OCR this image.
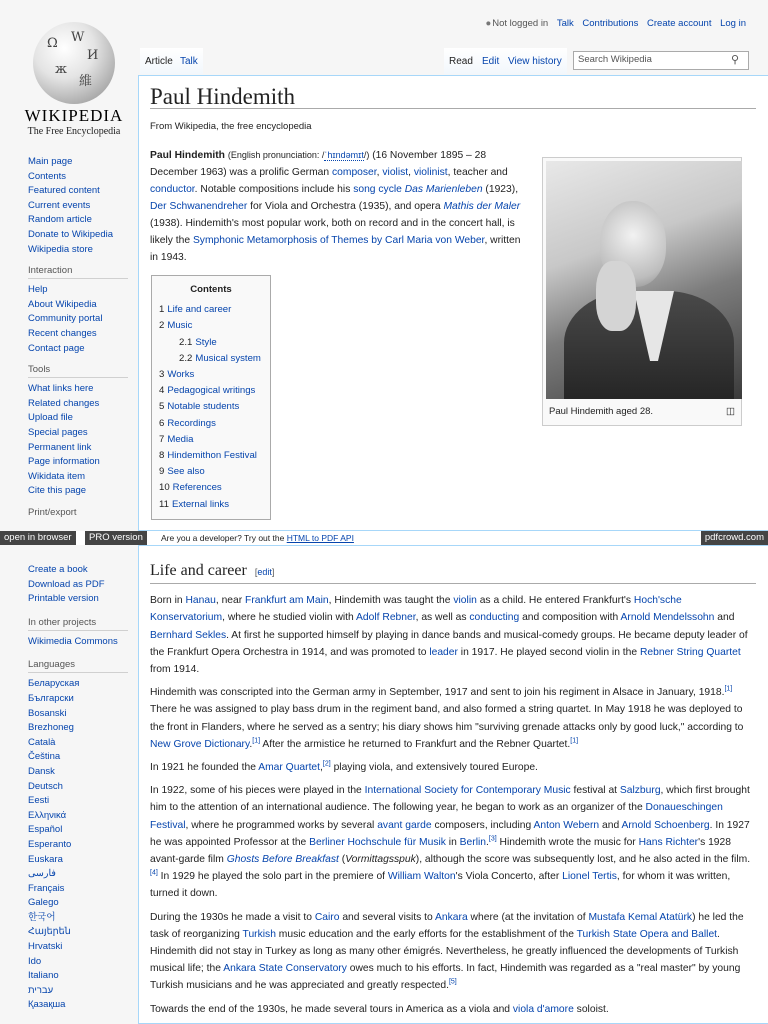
Ω W
И
ж
維
WIKIPEDIA
The Free Encyclopedia
●Not logged in Talk Contributions Create account Log in
Article Talk	Read Edit View history	Search Wikipedia	⚲
Main page
Contents
Featured content
Current events
Random article
Donate to Wikipedia
Wikipedia store
Interaction
Help
About Wikipedia
Community portal
Recent changes
Contact page
Tools
What links here
Related changes
Upload file
Special pages
Permanent link
Page information
Wikidata item
Cite this page
Print/export
Paul Hindemith
From Wikipedia, the free encyclopedia
Paul Hindemith aged 28.	◫
Paul Hindemith (English pronunciation: /ˈhɪndəmɪt/) (16 November 1895 – 28 December 1963) was a prolific German composer, violist, violinist, teacher and conductor. Notable compositions include his song cycle Das Marienleben (1923), Der Schwanendreher for Viola and Orchestra (1935), and opera Mathis der Maler (1938). Hindemith's most popular work, both on record and in the concert hall, is likely the Symphonic Metamorphosis of Themes by Carl Maria von Weber, written in 1943.
Contents
1 Life and career
2 Music
2.1 Style
2.2 Musical system
3 Works
4 Pedagogical writings
5 Notable students
6 Recordings
7 Media
8 Hindemithon Festival
9 See also
10 References
11 External links
open in browser	PRO version	Are you a developer? Try out the HTML to PDF API	pdfcrowd.com
Create a book
Download as PDF
Printable version
In other projects
Wikimedia Commons
Languages
Беларуская
Български
Bosanski
Brezhoneg
Català
Čeština
Dansk
Deutsch
Eesti
Ελληνικά
Español
Esperanto
Euskara
فارسی
Français
Galego
한국어
Հայերեն
Hrvatski
Ido
Italiano
עברית
Қазақша
Life and career [edit]

Born in Hanau, near Frankfurt am Main, Hindemith was taught the violin as a child. He entered Frankfurt's Hoch'sche Konservatorium, where he studied violin with Adolf Rebner, as well as conducting and composition with Arnold Mendelssohn and Bernhard Sekles. At first he supported himself by playing in dance bands and musical-comedy groups. He became deputy leader of the Frankfurt Opera Orchestra in 1914, and was promoted to leader in 1917. He played second violin in the Rebner String Quartet from 1914.

Hindemith was conscripted into the German army in September, 1917 and sent to join his regiment in Alsace in January, 1918.[1] There he was assigned to play bass drum in the regiment band, and also formed a string quartet. In May 1918 he was deployed to the front in Flanders, where he served as a sentry; his diary shows him "surviving grenade attacks only by good luck," according to New Grove Dictionary.[1] After the armistice he returned to Frankfurt and the Rebner Quartet.[1]

In 1921 he founded the Amar Quartet,[2] playing viola, and extensively toured Europe.

In 1922, some of his pieces were played in the International Society for Contemporary Music festival at Salzburg, which first brought him to the attention of an international audience. The following year, he began to work as an organizer of the Donaueschingen Festival, where he programmed works by several avant garde composers, including Anton Webern and Arnold Schoenberg. In 1927 he was appointed Professor at the Berliner Hochschule für Musik in Berlin.[3] Hindemith wrote the music for Hans Richter's 1928 avant-garde film Ghosts Before Breakfast (Vormittagsspuk), although the score was subsequently lost, and he also acted in the film.[4] In 1929 he played the solo part in the premiere of William Walton's Viola Concerto, after Lionel Tertis, for whom it was written, turned it down.

During the 1930s he made a visit to Cairo and several visits to Ankara where (at the invitation of Mustafa Kemal Atatürk) he led the task of reorganizing Turkish music education and the early efforts for the establishment of the Turkish State Opera and Ballet. Hindemith did not stay in Turkey as long as many other émigrés. Nevertheless, he greatly influenced the developments of Turkish musical life; the Ankara State Conservatory owes much to his efforts. In fact, Hindemith was regarded as a "real master" by young Turkish musicians and he was appreciated and greatly respected.[5]

Towards the end of the 1930s, he made several tours in America as a viola and viola d'amore soloist.
